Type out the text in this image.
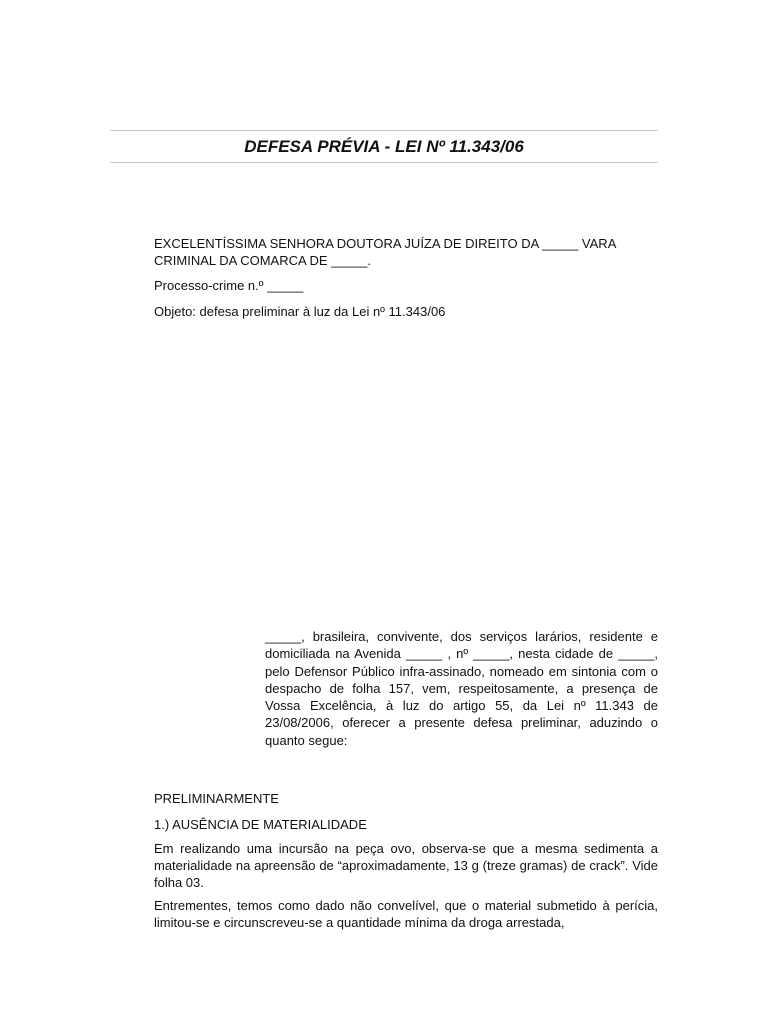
DEFESA PRÉVIA - LEI Nº 11.343/06

EXCELENTÍSSIMA SENHORA DOUTORA JUÍZA DE DIREITO DA _____ VARA CRIMINAL DA COMARCA DE _____.

Processo-crime n.º _____

Objeto: defesa preliminar à luz da Lei nº 11.343/06

_____, brasileira, convivente, dos serviços larários, residente e domiciliada na Avenida _____ , nº _____, nesta cidade de _____, pelo Defensor Público infra-assinado, nomeado em sintonia com o despacho de folha 157, vem, respeitosamente, a presença de Vossa Excelência, à luz do artigo 55, da Lei nº 11.343 de 23/08/2006, oferecer a presente defesa preliminar, aduzindo o quanto segue:

PRELIMINARMENTE

1.) AUSÊNCIA DE MATERIALIDADE

Em realizando uma incursão na peça ovo, observa-se que a mesma sedimenta a materialidade na apreensão de “aproximadamente, 13 g (treze gramas) de crack”. Vide folha 03.

Entrementes, temos como dado não convelível, que o material submetido à perícia, limitou-se e circunscreveu-se a quantidade mínima da droga arrestada,
